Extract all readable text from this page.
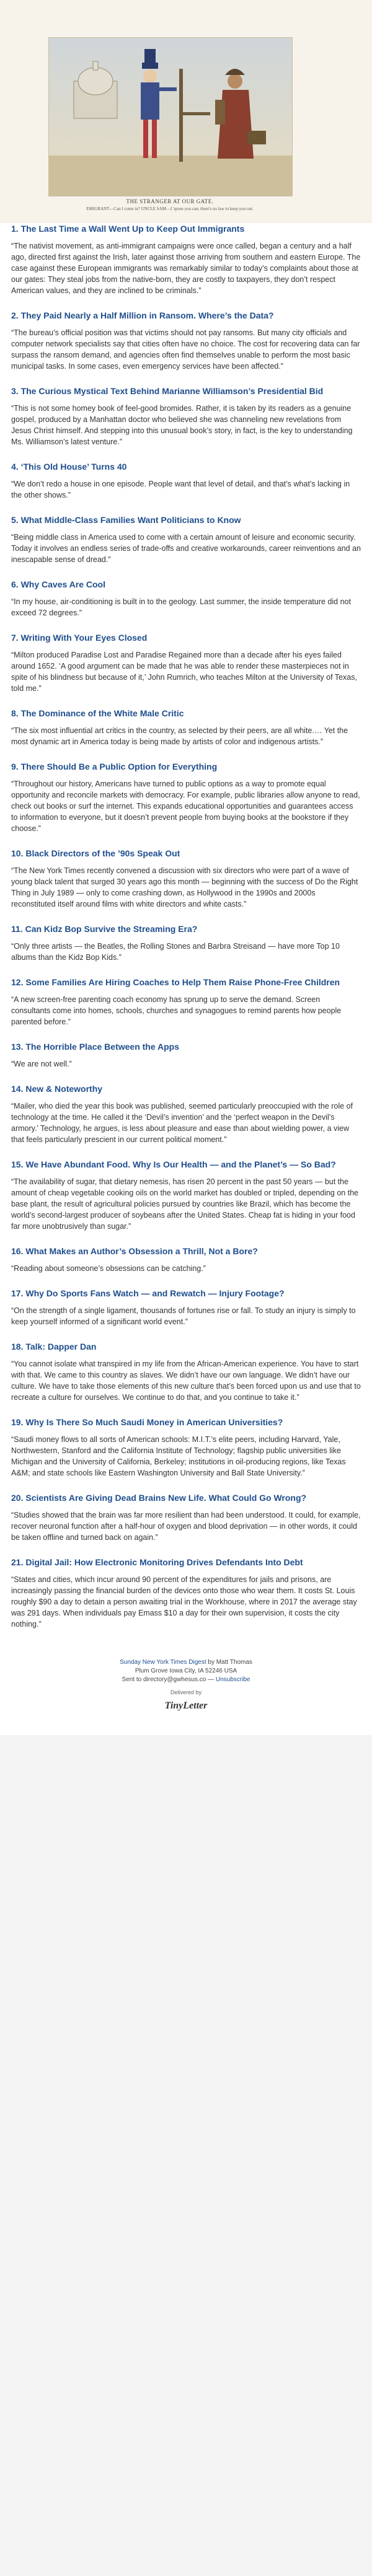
THE STRANGER AT OUR GATE.
EMIGRANT—Can I come in? UNCLE SAM—I 'spose you can; there's no law to keep you out.
1. The Last Time a Wall Went Up to Keep Out Immigrants

“The nativist movement, as anti-immigrant campaigns were once called, began a century and a half ago, directed first against the Irish, later against those arriving from southern and eastern Europe. The case against these European immigrants was remarkably similar to today’s complaints about those at our gates: They steal jobs from the native-born, they are costly to taxpayers, they don’t respect American values, and they are inclined to be criminals.”

2. They Paid Nearly a Half Million in Ransom. Where’s the Data?

“The bureau’s official position was that victims should not pay ransoms. But many city officials and computer network specialists say that cities often have no choice. The cost for recovering data can far surpass the ransom demand, and agencies often find themselves unable to perform the most basic municipal tasks. In some cases, even emergency services have been affected.”

3. The Curious Mystical Text Behind Marianne Williamson’s Presidential Bid

“This is not some homey book of feel-good bromides. Rather, it is taken by its readers as a genuine gospel, produced by a Manhattan doctor who believed she was channeling new revelations from Jesus Christ himself. And stepping into this unusual book’s story, in fact, is the key to understanding Ms. Williamson’s latest venture.”

4. ‘This Old House’ Turns 40

“We don’t redo a house in one episode. People want that level of detail, and that’s what’s lacking in the other shows.”

5. What Middle-Class Families Want Politicians to Know

“Being middle class in America used to come with a certain amount of leisure and economic security. Today it involves an endless series of trade-offs and creative workarounds, career reinventions and an inescapable sense of dread.”

6. Why Caves Are Cool

“In my house, air-conditioning is built in to the geology. Last summer, the inside temperature did not exceed 72 degrees.”

7. Writing With Your Eyes Closed

“Milton produced Paradise Lost and Paradise Regained more than a decade after his eyes failed around 1652. ‘A good argument can be made that he was able to render these masterpieces not in spite of his blindness but because of it,’ John Rumrich, who teaches Milton at the University of Texas, told me.”

8. The Dominance of the White Male Critic

“The six most influential art critics in the country, as selected by their peers, are all white.… Yet the most dynamic art in America today is being made by artists of color and indigenous artists.”

9. There Should Be a Public Option for Everything

“Throughout our history, Americans have turned to public options as a way to promote equal opportunity and reconcile markets with democracy. For example, public libraries allow anyone to read, check out books or surf the internet. This expands educational opportunities and guarantees access to information to everyone, but it doesn’t prevent people from buying books at the bookstore if they choose.”

10. Black Directors of the ’90s Speak Out

“The New York Times recently convened a discussion with six directors who were part of a wave of young black talent that surged 30 years ago this month — beginning with the success of Do the Right Thing in July 1989 — only to come crashing down, as Hollywood in the 1990s and 2000s reconstituted itself around films with white directors and white casts.”

11. Can Kidz Bop Survive the Streaming Era?

“Only three artists — the Beatles, the Rolling Stones and Barbra Streisand — have more Top 10 albums than the Kidz Bop Kids.”

12. Some Families Are Hiring Coaches to Help Them Raise Phone-Free Children

“A new screen-free parenting coach economy has sprung up to serve the demand. Screen consultants come into homes, schools, churches and synagogues to remind parents how people parented before.”

13. The Horrible Place Between the Apps

“We are not well.”

14. New & Noteworthy

“Mailer, who died the year this book was published, seemed particularly preoccupied with the role of technology at the time. He called it the ‘Devil’s invention’ and the ‘perfect weapon in the Devil’s armory.’ Technology, he argues, is less about pleasure and ease than about wielding power, a view that feels particularly prescient in our current political moment.”

15. We Have Abundant Food. Why Is Our Health — and the Planet’s — So Bad?

“The availability of sugar, that dietary nemesis, has risen 20 percent in the past 50 years — but the amount of cheap vegetable cooking oils on the world market has doubled or tripled, depending on the base plant, the result of agricultural policies pursued by countries like Brazil, which has become the world’s second-largest producer of soybeans after the United States. Cheap fat is hiding in your food far more unobtrusively than sugar.”

16. What Makes an Author’s Obsession a Thrill, Not a Bore?

“Reading about someone’s obsessions can be catching.”

17. Why Do Sports Fans Watch — and Rewatch — Injury Footage?

“On the strength of a single ligament, thousands of fortunes rise or fall. To study an injury is simply to keep yourself informed of a significant world event.”

18. Talk: Dapper Dan

“You cannot isolate what transpired in my life from the African-American experience. You have to start with that. We came to this country as slaves. We didn’t have our own language. We didn’t have our culture. We have to take those elements of this new culture that’s been forced upon us and use that to recreate a culture for ourselves. We continue to do that, and you continue to take it.”

19. Why Is There So Much Saudi Money in American Universities?

“Saudi money flows to all sorts of American schools: M.I.T.’s elite peers, including Harvard, Yale, Northwestern, Stanford and the California Institute of Technology; flagship public universities like Michigan and the University of California, Berkeley; institutions in oil-producing regions, like Texas A&M; and state schools like Eastern Washington University and Ball State University.”

20. Scientists Are Giving Dead Brains New Life. What Could Go Wrong?

“Studies showed that the brain was far more resilient than had been understood. It could, for example, recover neuronal function after a half-hour of oxygen and blood deprivation — in other words, it could be taken offline and turned back on again.”

21. Digital Jail: How Electronic Monitoring Drives Defendants Into Debt

“States and cities, which incur around 90 percent of the expenditures for jails and prisons, are increasingly passing the financial burden of the devices onto those who wear them. It costs St. Louis roughly $90 a day to detain a person awaiting trial in the Workhouse, where in 2017 the average stay was 291 days. When individuals pay Emass $10 a day for their own supervision, it costs the city nothing.”

Sunday New York Times Digest by Matt Thomas
Plum Grove Iowa City, IA 52246 USA
Sent to directory@gwhesus.co — Unsubscribe
Delivered by
TinyLetter
